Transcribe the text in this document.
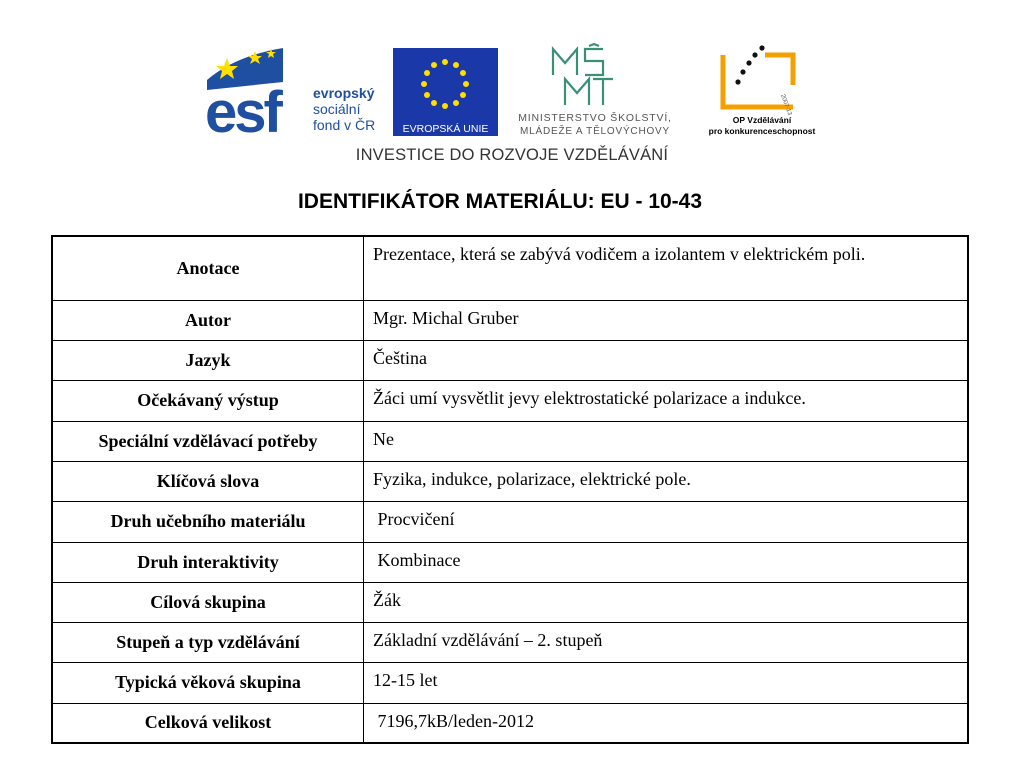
esf evropský
sociální
fond v ČR	EVROPSKÁ UNIE
MINISTERSTVO ŠKOLSTVÍ,
MLÁDEŽE A TĚLOVÝCHOVY
2007-13
OP Vzdělávání
pro konkurenceschopnost
INVESTICE DO ROZVOJE VZDĚLÁVÁNÍ
IDENTIFIKÁTOR MATERIÁLU: EU - 10-43
Anotace	Prezentace, která se zabývá vodičem a izolantem v elektrickém poli.
Autor	Mgr. Michal Gruber
Jazyk	Čeština
Očekávaný výstup	Žáci umí vysvětlit jevy elektrostatické polarizace a indukce.
Speciální vzdělávací potřeby	Ne
Klíčová slova	Fyzika, indukce, polarizace, elektrické pole.
Druh učebního materiálu	Procvičení
Druh interaktivity	Kombinace
Cílová skupina	Žák
Stupeň a typ vzdělávání	Základní vzdělávání – 2. stupeň
Typická věková skupina	12-15 let
Celková velikost	7196,7kB/leden-2012
